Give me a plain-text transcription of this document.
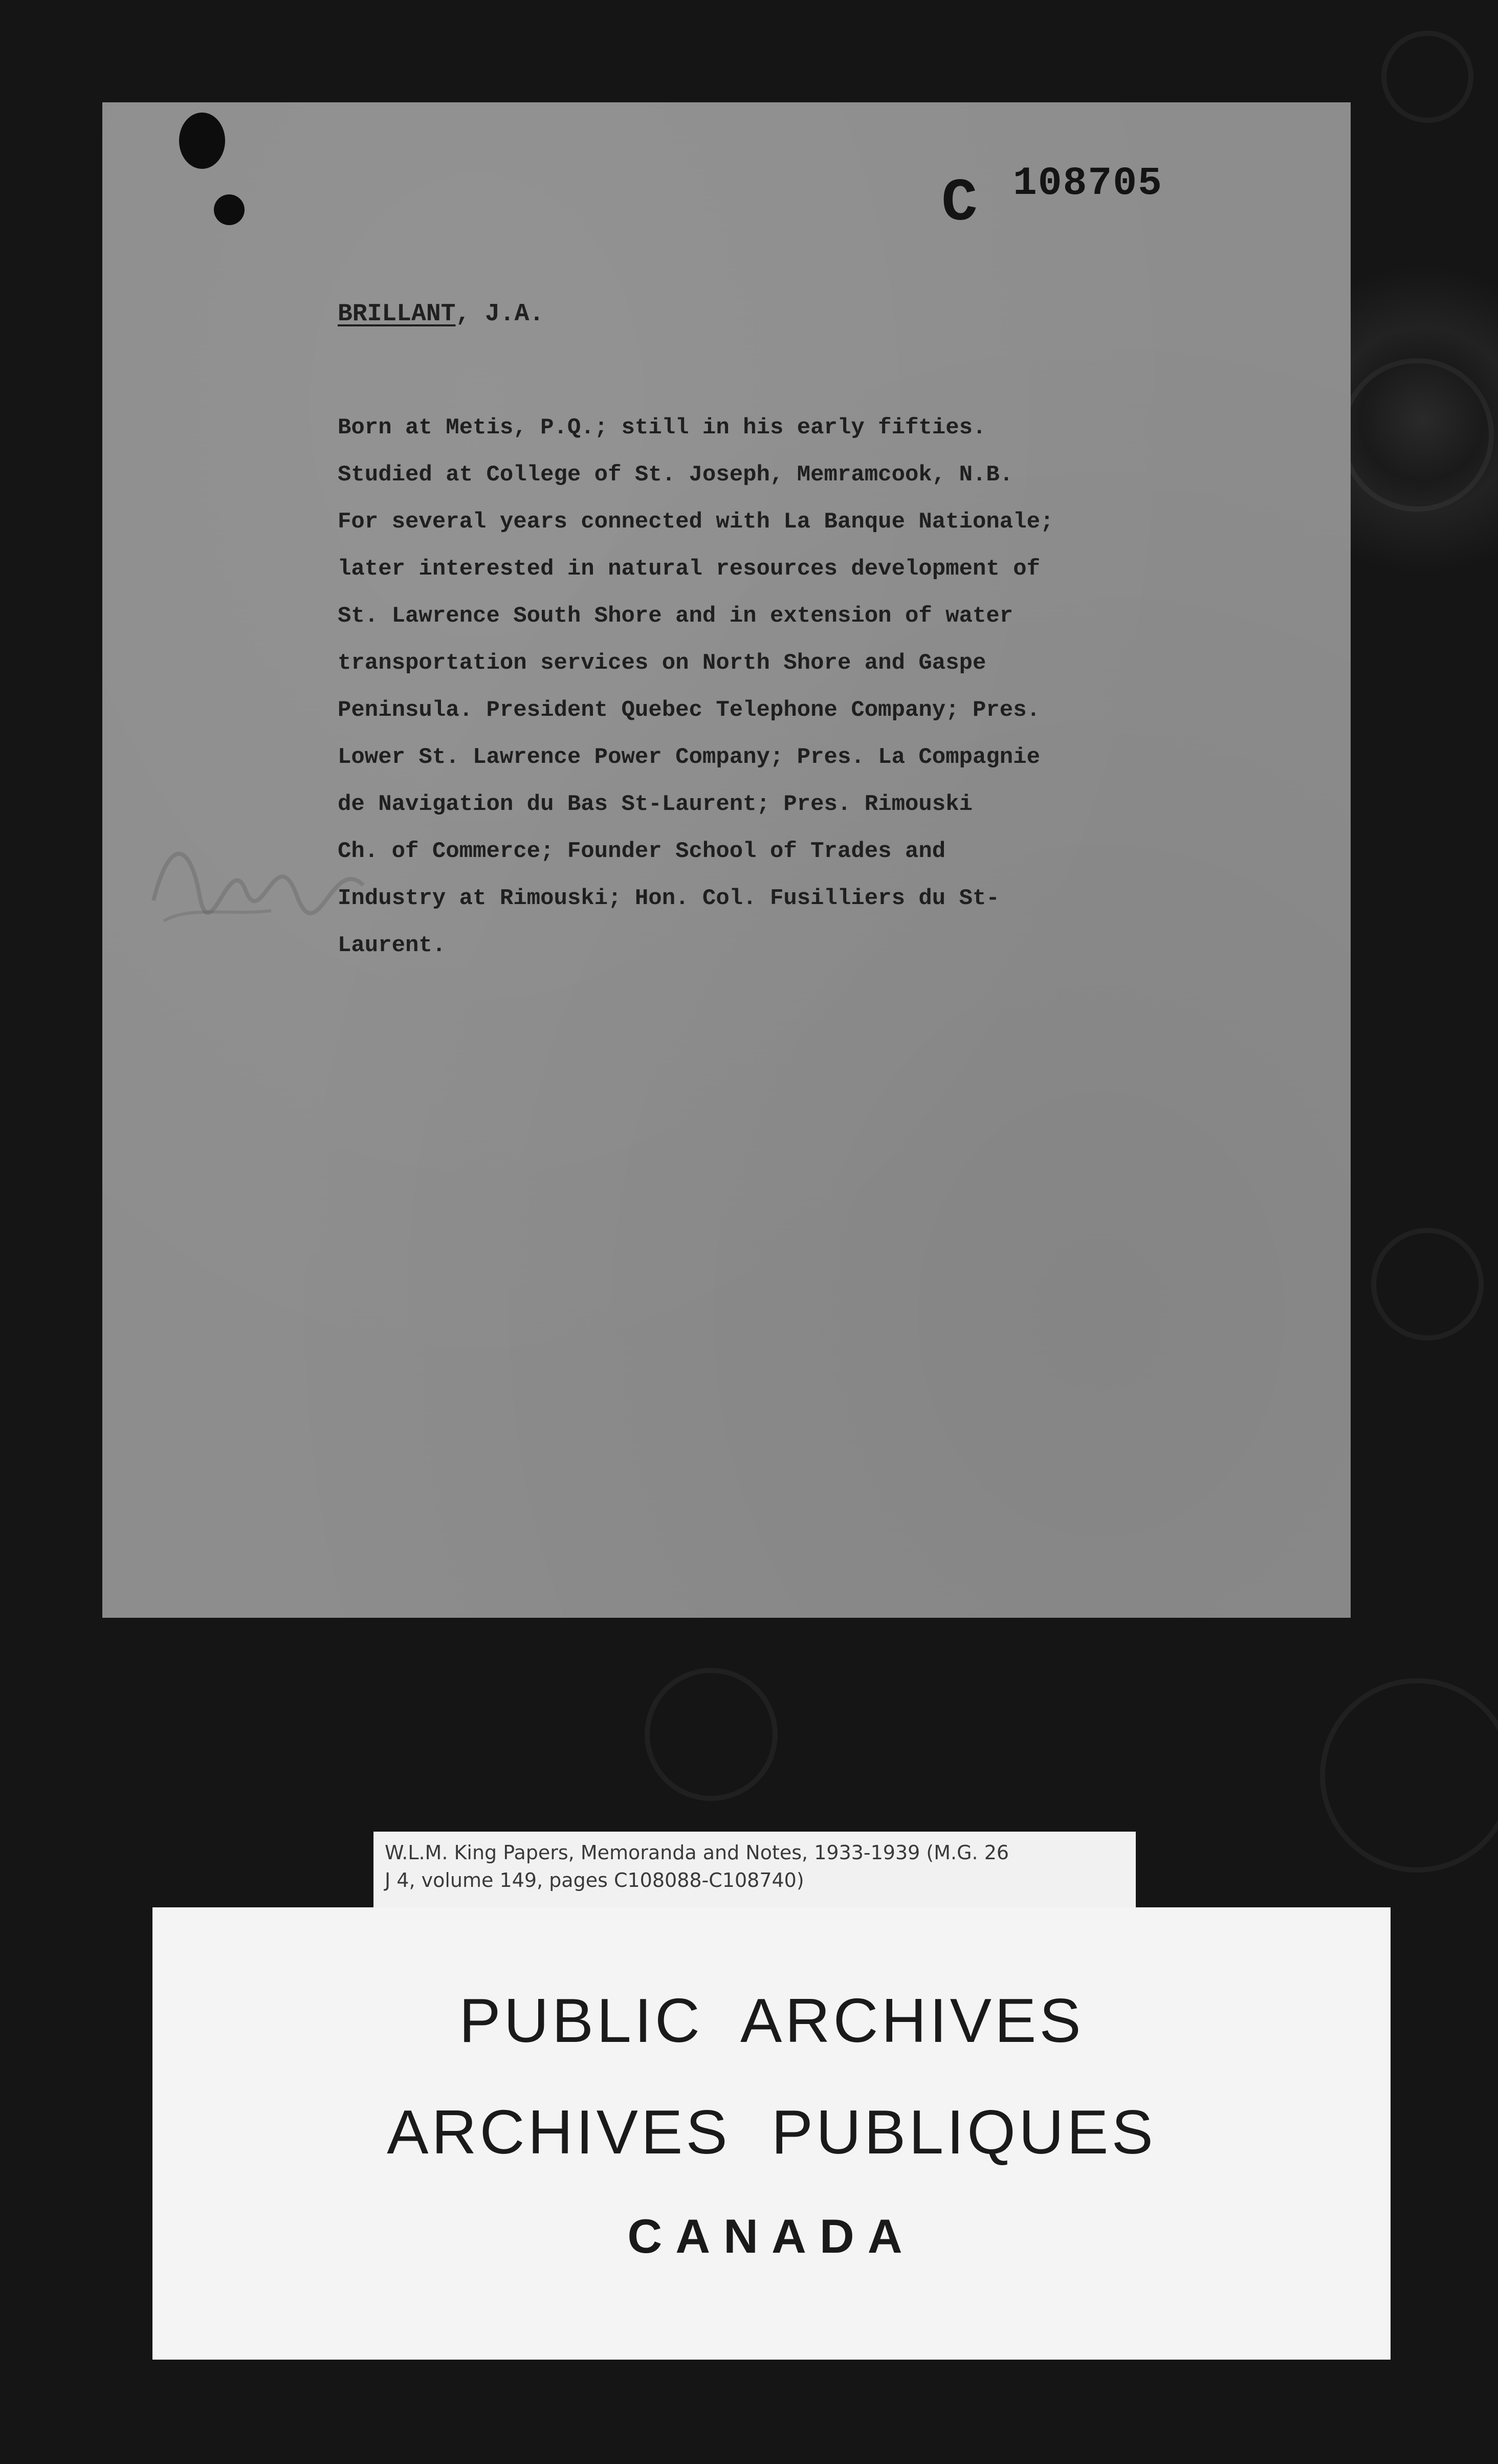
C 108705
BRILLANT, J.A.
Born at Metis, P.Q.; still in his early fifties.
Studied at College of St. Joseph, Memramcook, N.B.
For several years connected with La Banque Nationale;
later interested in natural resources development of
St. Lawrence South Shore and in extension of water
transportation services on North Shore and Gaspe
Peninsula. President Quebec Telephone Company; Pres.
Lower St. Lawrence Power Company; Pres. La Compagnie
de Navigation du Bas St-Laurent; Pres. Rimouski
Ch. of Commerce; Founder School of Trades and
Industry at Rimouski; Hon. Col. Fusilliers du St-
Laurent.
W.L.M. King Papers, Memoranda and Notes, 1933-1939 (M.G. 26
J 4, volume 149, pages C108088-C108740)
PUBLIC  ARCHIVES
ARCHIVES  PUBLIQUES
CANADA
